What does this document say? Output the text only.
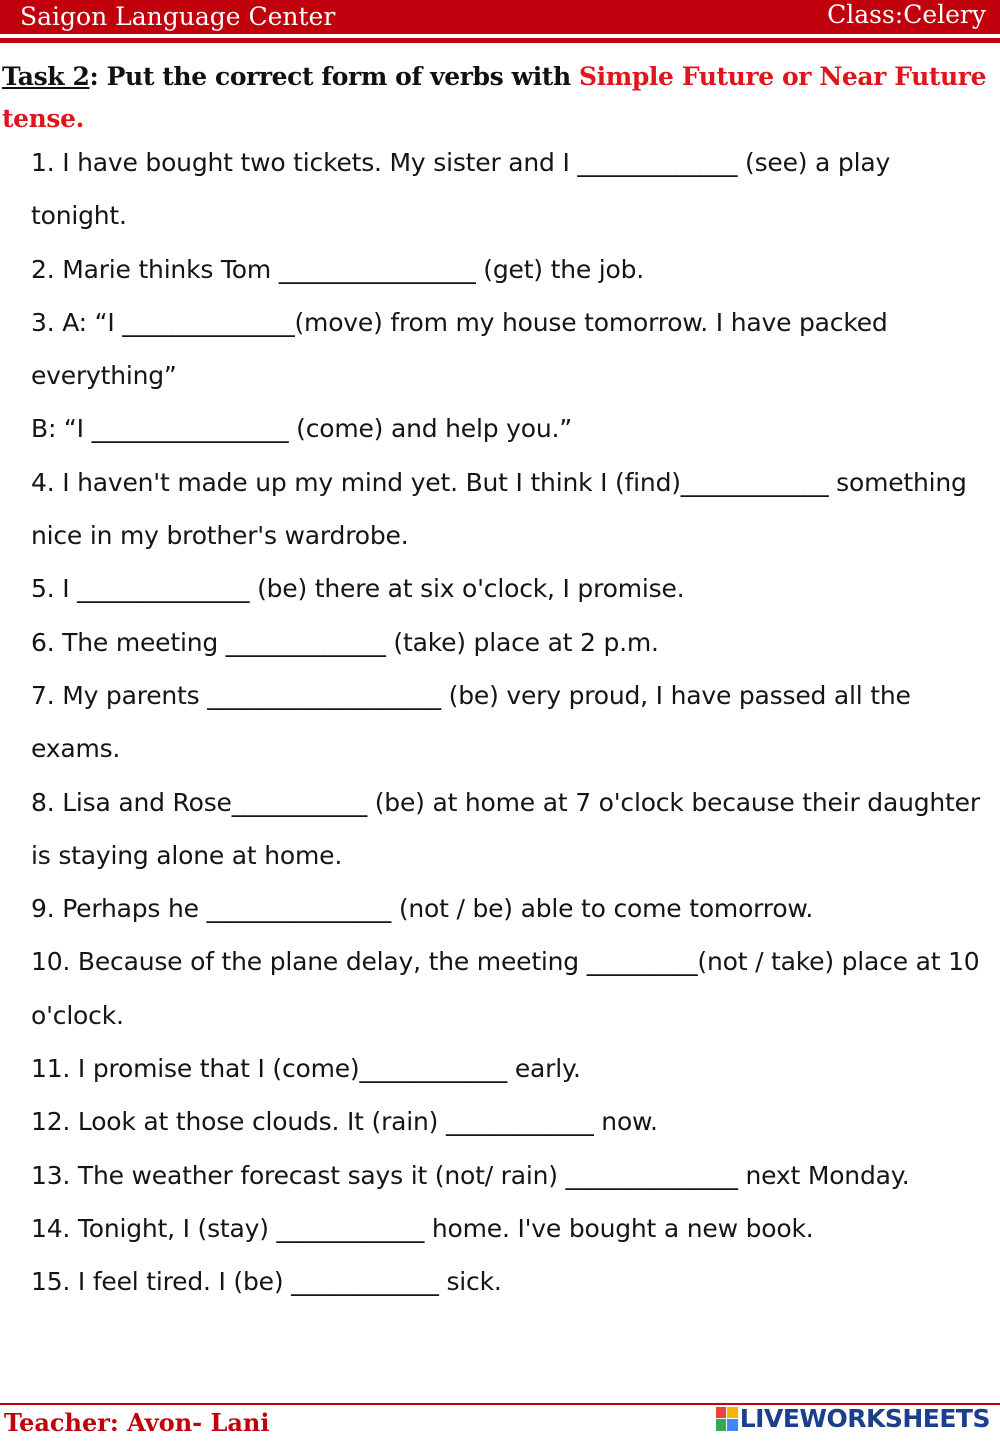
Saigon Language Center	Class:Celery
Task 2: Put the correct form of verbs with Simple Future or Near Future tense.
1. I have bought two tickets. My sister and I _____________ (see) a play tonight.
2. Marie thinks Tom ________________ (get) the job.
3. A: “I ______________(move) from my house tomorrow. I have packed everything”
B: “I ________________ (come) and help you.”
4. I haven't made up my mind yet. But I think I (find)____________ something nice in my brother's wardrobe.
5. I ______________ (be) there at six o'clock, I promise.
6. The meeting _____________ (take) place at 2 p.m.
7. My parents ___________________ (be) very proud, I have passed all the exams.
8. Lisa and Rose___________ (be) at home at 7 o'clock because their daughter is staying alone at home.
9. Perhaps he _______________ (not / be) able to come tomorrow.
10. Because of the plane delay, the meeting _________(not / take) place at 10 o'clock.
11. I promise that I (come)____________ early.
12. Look at those clouds. It (rain) ____________ now.
13. The weather forecast says it (not/ rain) ______________ next Monday.
14. Tonight, I (stay) ____________ home. I've bought a new book.
15. I feel tired. I (be) ____________ sick.
Teacher: Avon- Lani	LIVEWORKSHEETS
